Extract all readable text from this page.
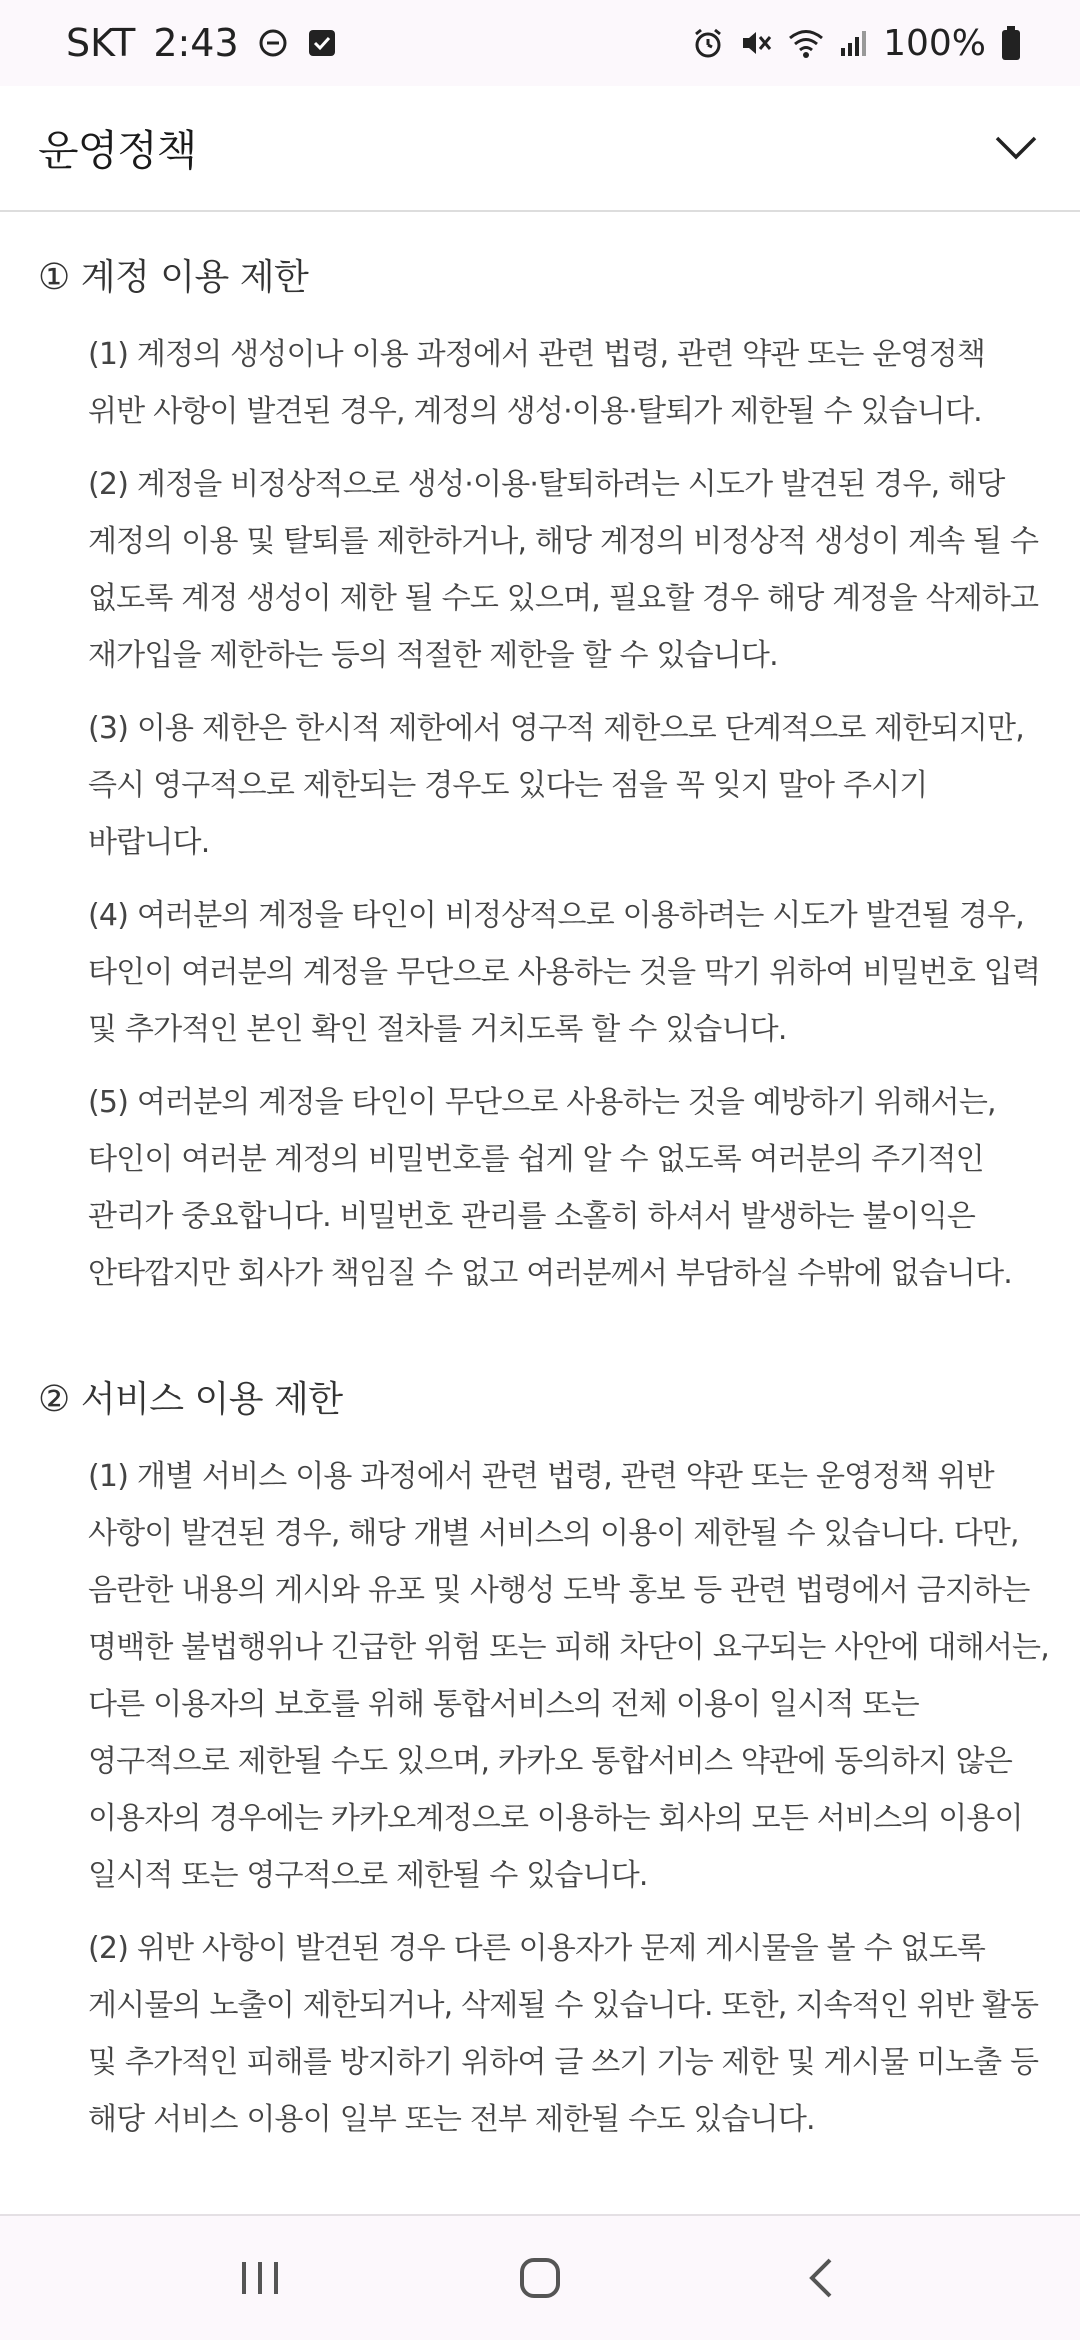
SKT 2:43	100%
운영정책
① 계정 이용 제한

(1) 계정의 생성이나 이용 과정에서 관련 법령, 관련 약관 또는 운영정책 위반 사항이 발견된 경우, 계정의 생성·이용·탈퇴가 제한될 수 있습니다.

(2) 계정을 비정상적으로 생성·이용·탈퇴하려는 시도가 발견된 경우, 해당 계정의 이용 및 탈퇴를 제한하거나, 해당 계정의 비정상적 생성이 계속 될 수 없도록 계정 생성이 제한 될 수도 있으며, 필요할 경우 해당 계정을 삭제하고 재가입을 제한하는 등의 적절한 제한을 할 수 있습니다.

(3) 이용 제한은 한시적 제한에서 영구적 제한으로 단계적으로 제한되지만, 즉시 영구적으로 제한되는 경우도 있다는 점을 꼭 잊지 말아 주시기 바랍니다.

(4) 여러분의 계정을 타인이 비정상적으로 이용하려는 시도가 발견될 경우, 타인이 여러분의 계정을 무단으로 사용하는 것을 막기 위하여 비밀번호 입력 및 추가적인 본인 확인 절차를 거치도록 할 수 있습니다.

(5) 여러분의 계정을 타인이 무단으로 사용하는 것을 예방하기 위해서는, 타인이 여러분 계정의 비밀번호를 쉽게 알 수 없도록 여러분의 주기적인 관리가 중요합니다. 비밀번호 관리를 소홀히 하셔서 발생하는 불이익은 안타깝지만 회사가 책임질 수 없고 여러분께서 부담하실 수밖에 없습니다.

② 서비스 이용 제한

(1) 개별 서비스 이용 과정에서 관련 법령, 관련 약관 또는 운영정책 위반 사항이 발견된 경우, 해당 개별 서비스의 이용이 제한될 수 있습니다. 다만, 음란한 내용의 게시와 유포 및 사행성 도박 홍보 등 관련 법령에서 금지하는 명백한 불법행위나 긴급한 위험 또는 피해 차단이 요구되는 사안에 대해서는, 다른 이용자의 보호를 위해 통합서비스의 전체 이용이 일시적 또는 영구적으로 제한될 수도 있으며, 카카오 통합서비스 약관에 동의하지 않은 이용자의 경우에는 카카오계정으로 이용하는 회사의 모든 서비스의 이용이 일시적 또는 영구적으로 제한될 수 있습니다.

(2) 위반 사항이 발견된 경우 다른 이용자가 문제 게시물을 볼 수 없도록 게시물의 노출이 제한되거나, 삭제될 수 있습니다. 또한, 지속적인 위반 활동 및 추가적인 피해를 방지하기 위하여 글 쓰기 기능 제한 및 게시물 미노출 등 해당 서비스 이용이 일부 또는 전부 제한될 수도 있습니다.
